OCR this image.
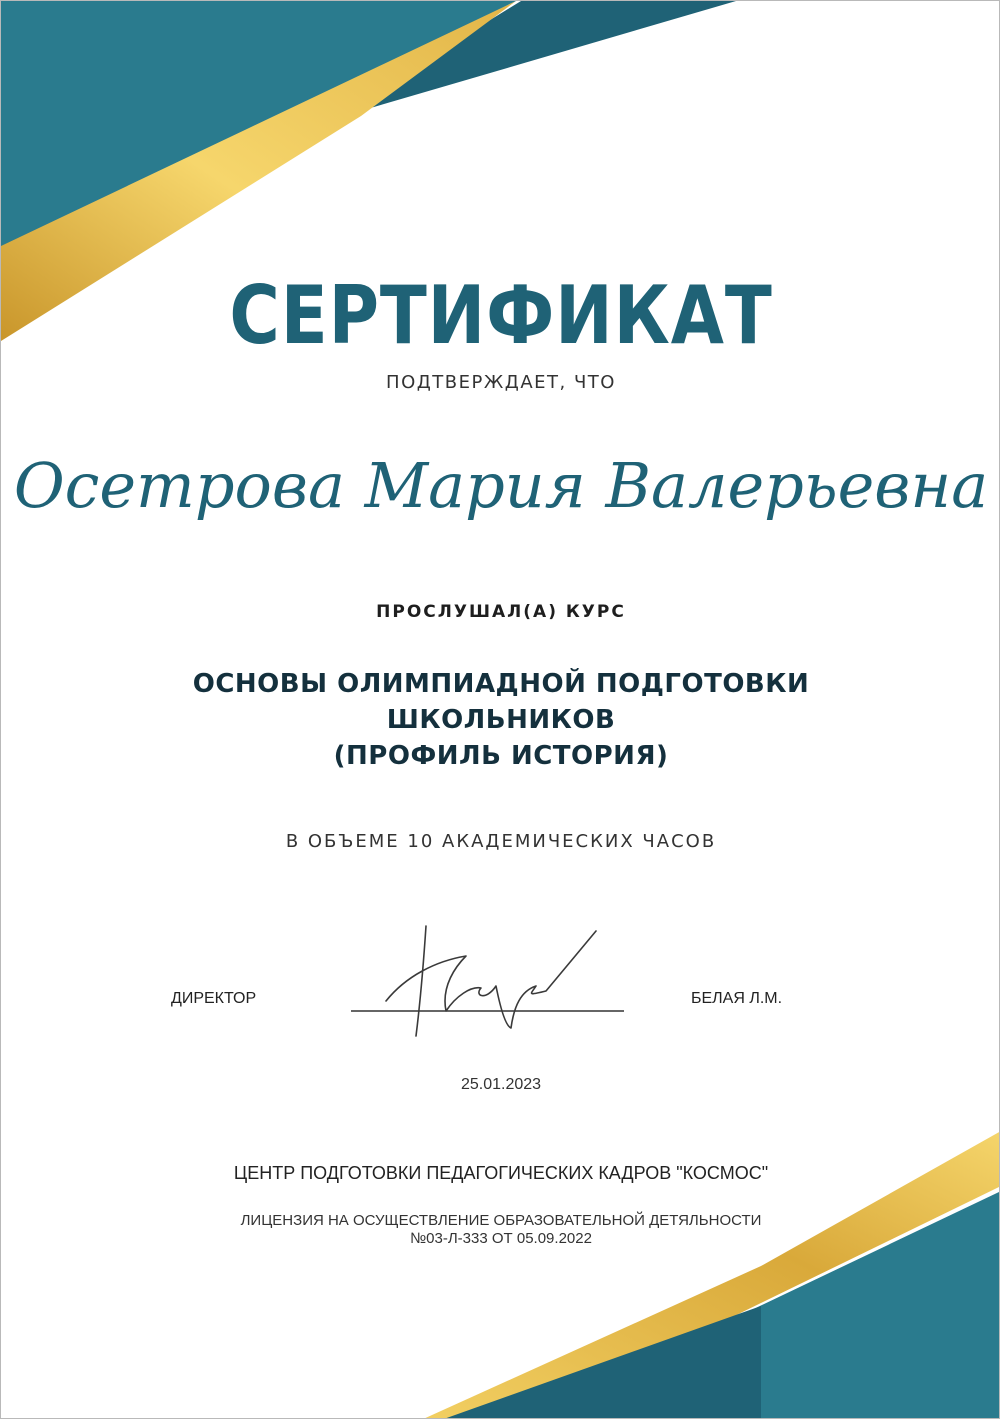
СЕРТИФИКАТ
ПОДТВЕРЖДАЕТ, ЧТО
Осетрова Мария Валерьевна
ПРОСЛУШАЛ(А) КУРС
ОСНОВЫ ОЛИМПИАДНОЙ ПОДГОТОВКИ
ШКОЛЬНИКОВ
(ПРОФИЛЬ ИСТОРИЯ)
В ОБЪЕМЕ 10 АКАДЕМИЧЕСКИХ ЧАСОВ
ДИРЕКТОР	БЕЛАЯ Л.М.
25.01.2023
ЦЕНТР ПОДГОТОВКИ ПЕДАГОГИЧЕСКИХ КАДРОВ "КОСМОС"
ЛИЦЕНЗИЯ НА ОСУЩЕСТВЛЕНИЕ ОБРАЗОВАТЕЛЬНОЙ ДЕТЯЛЬНОСТИ
№03-Л-333 ОТ 05.09.2022
